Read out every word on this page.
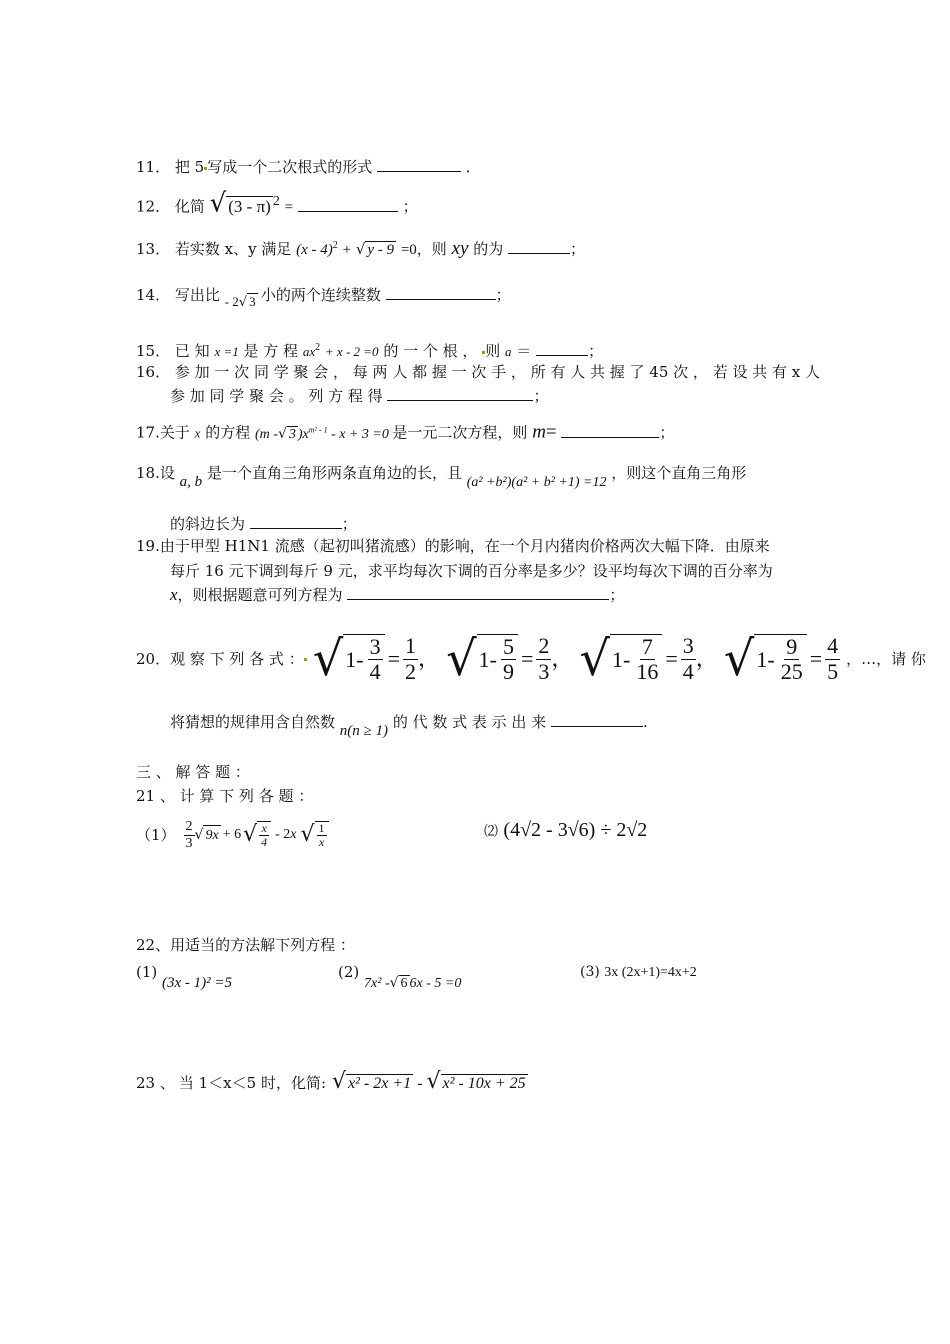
11． 把 5 写成一个二次根式的形式	．
12． 化简 √ (3 - π) $^2$ =	；
13． 若实数 x、y 满足 (x - 4)$^2$ + √ y - 9 =0，则 xy 的为	；
14． 写出比 - 2√ 3 小的两个连续整数	；
15． 已 知 x =1 是 方 程 $ax^2 + x - 2 =0$ 的 一 个 根 ， 则 a ＝	；
16． 参 加 一 次 同 学 聚 会 ， 每 两 人 都 握 一 次 手 ， 所 有 人 共 握 了 45 次 ， 若 设 共 有 x 人
参 加 同 学 聚 会 。 列 方 程 得	；
17.关于 x 的方程 (m -√ 3 )$x^{m^2 - 1} - x + 3 =0$ 是一元二次方程，则 m=	；
18.设 a, b 是一个直角三角形两条直角边的长，且 (a² +b²)(a² + b² +1) =12 ，则这个直角三角形
的斜边长为	；
19.由于甲型 H1N1 流感（起初叫猪流感）的影响，在一个月内猪肉价格两次大幅下降．由原来
每斤 16 元下调到每斤 9 元，求平均每次下调的百分率是多少？设平均每次下调的百分率为
x，则根据题意可列方程为	；
20． 观 察 下 列 各 式 ： √ $1- \frac{3}{4} = \frac{1}{2}$ ， √ $1- \frac{5}{9} = \frac{2}{3}$ ， √ $1- \frac{7}{16} = \frac{3}{4}$ ， √ $1- \frac{9}{25} = \frac{4}{5}$ ，…， 请 你
将猜想的规律用含自然数 n(n ≥ 1) 的 代 数 式 表 示 出 来	.
三 、 解 答 题 ：
21 、 计 算 下 列 各 题 ：
$(1) \frac{2}{3}$ √ 9x + 6 √ $\frac{x}{4} - 2x$ √ $\frac{1}{x}$	⑵ (4√2 - 3√6) ÷ 2√2
22、用适当的方法解下列方程 ：
(1) (3x - 1)² =5
(2) 7x² -√ 6 6x - 5 =0
(3) 3x (2x+1)=4x+2
23 、 当 1＜x＜5 时，化简: √ x² - 2x +1 - √ x² - 10x + 25
